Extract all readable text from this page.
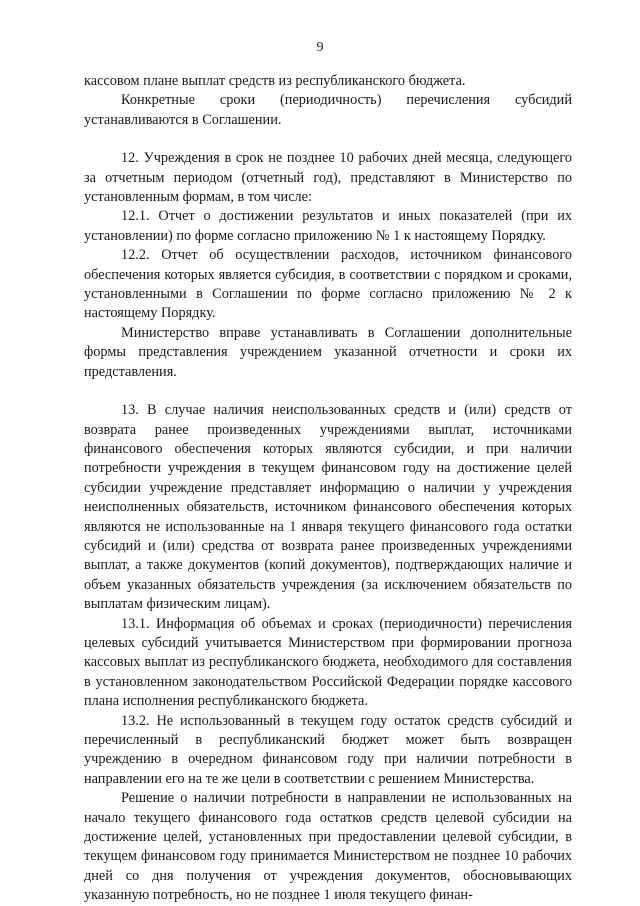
9

кассовом плане выплат средств из республиканского бюджета.

Конкретные сроки (периодичность) перечисления субсидий устанавливаются в Соглашении.

12. Учреждения в срок не позднее 10 рабочих дней месяца, следующего за отчетным периодом (отчетный год), представляют в Министерство по установленным формам, в том числе:

12.1. Отчет о достижении результатов и иных показателей (при их установлении) по форме согласно приложению № 1 к настоящему Порядку.

12.2. Отчет об осуществлении расходов, источником финансового обеспечения которых является субсидия, в соответствии с порядком и сроками, установленными в Соглашении по форме согласно приложению № 2 к настоящему Порядку.

Министерство вправе устанавливать в Соглашении дополнительные формы представления учреждением указанной отчетности и сроки их представления.

13. В случае наличия неиспользованных средств и (или) средств от возврата ранее произведенных учреждениями выплат, источниками финансового обеспечения которых являются субсидии, и при наличии потребности учреждения в текущем финансовом году на достижение целей субсидии учреждение представляет информацию о наличии у учреждения неисполненных обязательств, источником финансового обеспечения которых являются не использованные на 1 января текущего финансового года остатки субсидий и (или) средства от возврата ранее произведенных учреждениями выплат, а также документов (копий документов), подтверждающих наличие и объем указанных обязательств учреждения (за исключением обязательств по выплатам физическим лицам).

13.1. Информация об объемах и сроках (периодичности) перечисления целевых субсидий учитывается Министерством при формировании прогноза кассовых выплат из республиканского бюджета, необходимого для составления в установленном законодательством Российской Федерации порядке кассового плана исполнения республиканского бюджета.

13.2. Не использованный в текущем году остаток средств субсидий и перечисленный в республиканский бюджет может быть возвращен учреждению в очередном финансовом году при наличии потребности в направлении его на те же цели в соответствии с решением Министерства.

Решение о наличии потребности в направлении не использованных на начало текущего финансового года остатков средств целевой субсидии на достижение целей, установленных при предоставлении целевой субсидии, в текущем финансовом году принимается Министерством не позднее 10 рабочих дней со дня получения от учреждения документов, обосновывающих указанную потребность, но не позднее 1 июля текущего финан-
